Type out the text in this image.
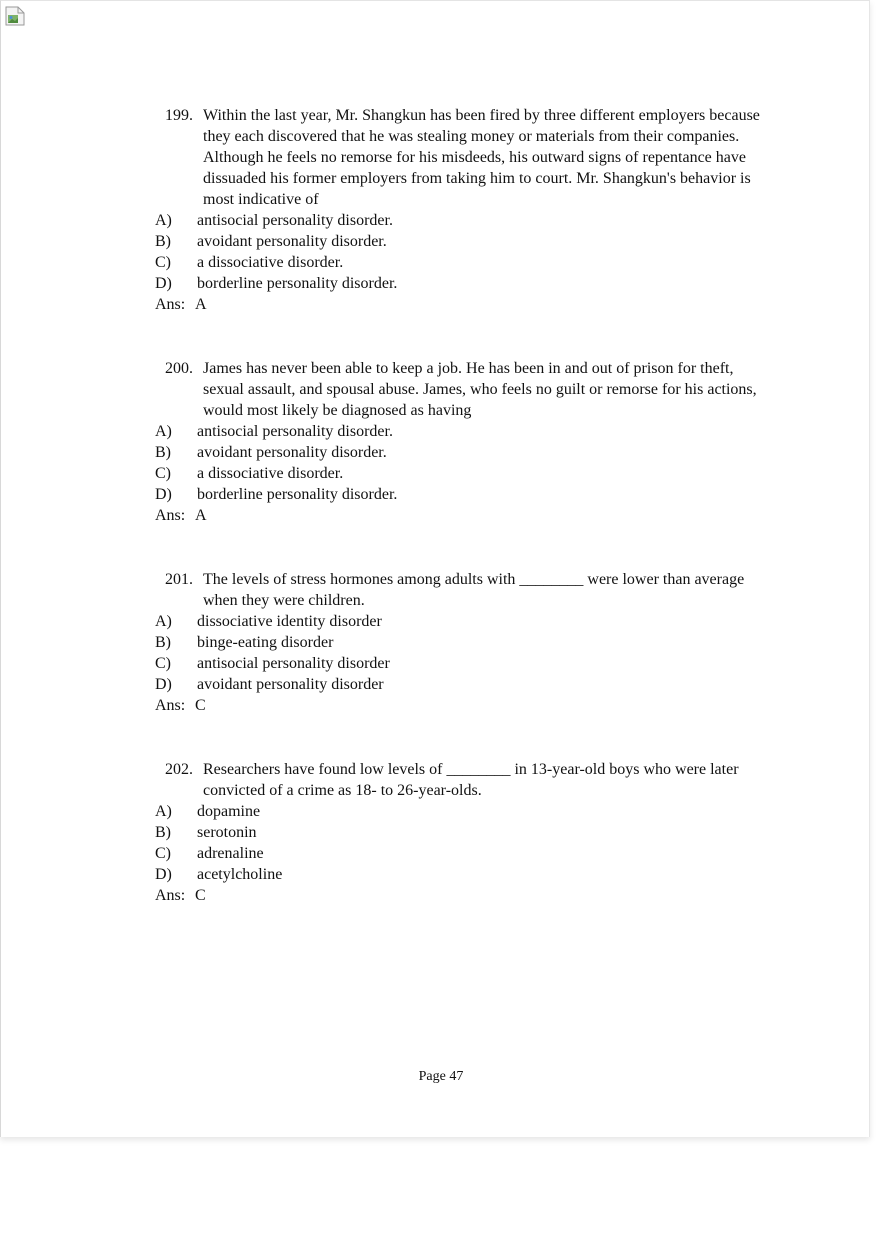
199. Within the last year, Mr. Shangkun has been fired by three different employers because they each discovered that he was stealing money or materials from their companies. Although he feels no remorse for his misdeeds, his outward signs of repentance have dissuaded his former employers from taking him to court. Mr. Shangkun's behavior is most indicative of
A)	antisocial personality disorder.
B)	avoidant personality disorder.
C)	a dissociative disorder.
D)	borderline personality disorder.
Ans: A
200. James has never been able to keep a job. He has been in and out of prison for theft, sexual assault, and spousal abuse. James, who feels no guilt or remorse for his actions, would most likely be diagnosed as having
A)	antisocial personality disorder.
B)	avoidant personality disorder.
C)	a dissociative disorder.
D)	borderline personality disorder.
Ans: A
201. The levels of stress hormones among adults with ________ were lower than average when they were children.
A)	dissociative identity disorder
B)	binge-eating disorder
C)	antisocial personality disorder
D)	avoidant personality disorder
Ans: C
202. Researchers have found low levels of ________ in 13-year-old boys who were later convicted of a crime as 18- to 26-year-olds.
A)	dopamine
B)	serotonin
C)	adrenaline
D)	acetylcholine
Ans: C
Page 47
